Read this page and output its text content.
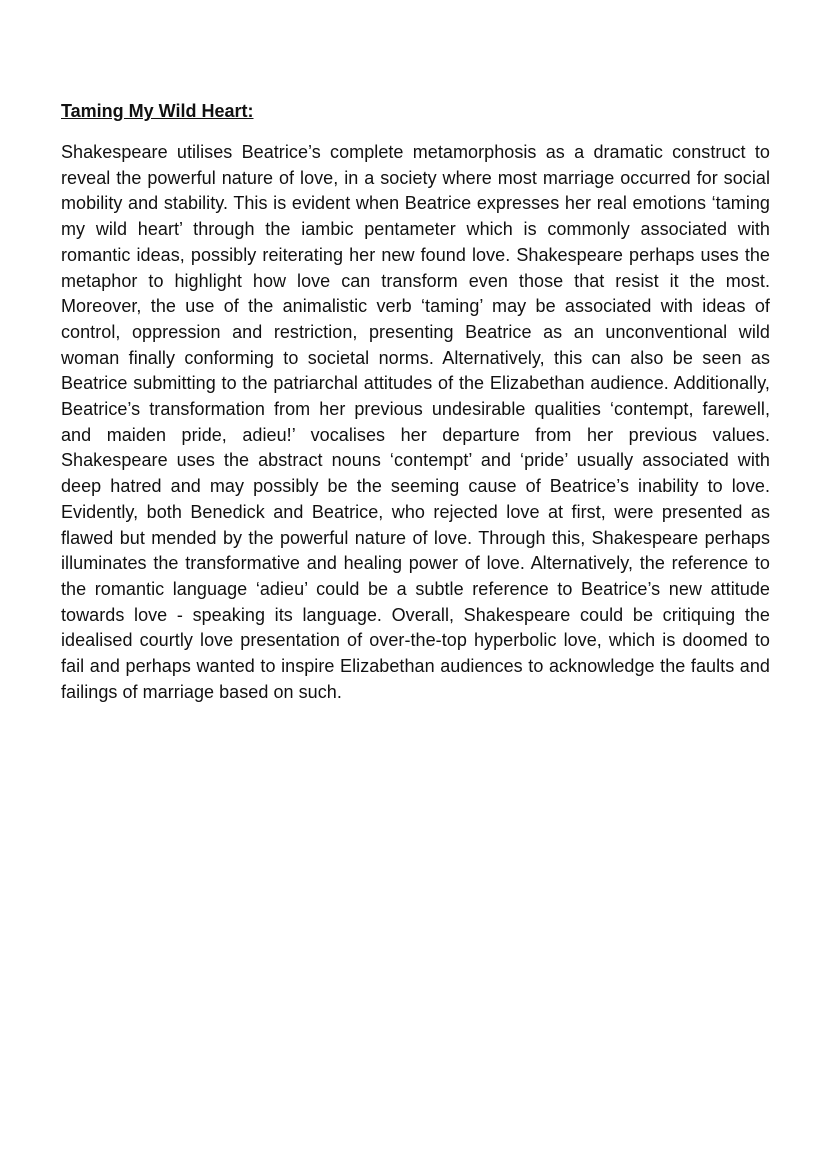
Taming My Wild Heart:

Shakespeare utilises Beatrice’s complete metamorphosis as a dramatic construct to reveal the powerful nature of love, in a society where most marriage occurred for social mobility and stability. This is evident when Beatrice expresses her real emotions ‘taming my wild heart’ through the iambic pentameter which is commonly associated with romantic ideas, possibly reiterating her new found love. Shakespeare perhaps uses the metaphor to highlight how love can transform even those that resist it the most. Moreover, the use of the animalistic verb ‘taming’ may be associated with ideas of control, oppression and restriction, presenting Beatrice as an unconventional wild woman finally conforming to societal norms. Alternatively, this can also be seen as Beatrice submitting to the patriarchal attitudes of the Elizabethan audience. Additionally, Beatrice’s transformation from her previous undesirable qualities ‘contempt, farewell, and maiden pride, adieu!’ vocalises her departure from her previous values. Shakespeare uses the abstract nouns ‘contempt’ and ‘pride’ usually associated with deep hatred and may possibly be the seeming cause of Beatrice’s inability to love. Evidently, both Benedick and Beatrice, who rejected love at first, were presented as flawed but mended by the powerful nature of love. Through this, Shakespeare perhaps illuminates the transformative and healing power of love. Alternatively, the reference to the romantic language ‘adieu’ could be a subtle reference to Beatrice’s new attitude towards love - speaking its language. Overall, Shakespeare could be critiquing the idealised courtly love presentation of over-the-top hyperbolic love, which is doomed to fail and perhaps wanted to inspire Elizabethan audiences to acknowledge the faults and failings of marriage based on such.
